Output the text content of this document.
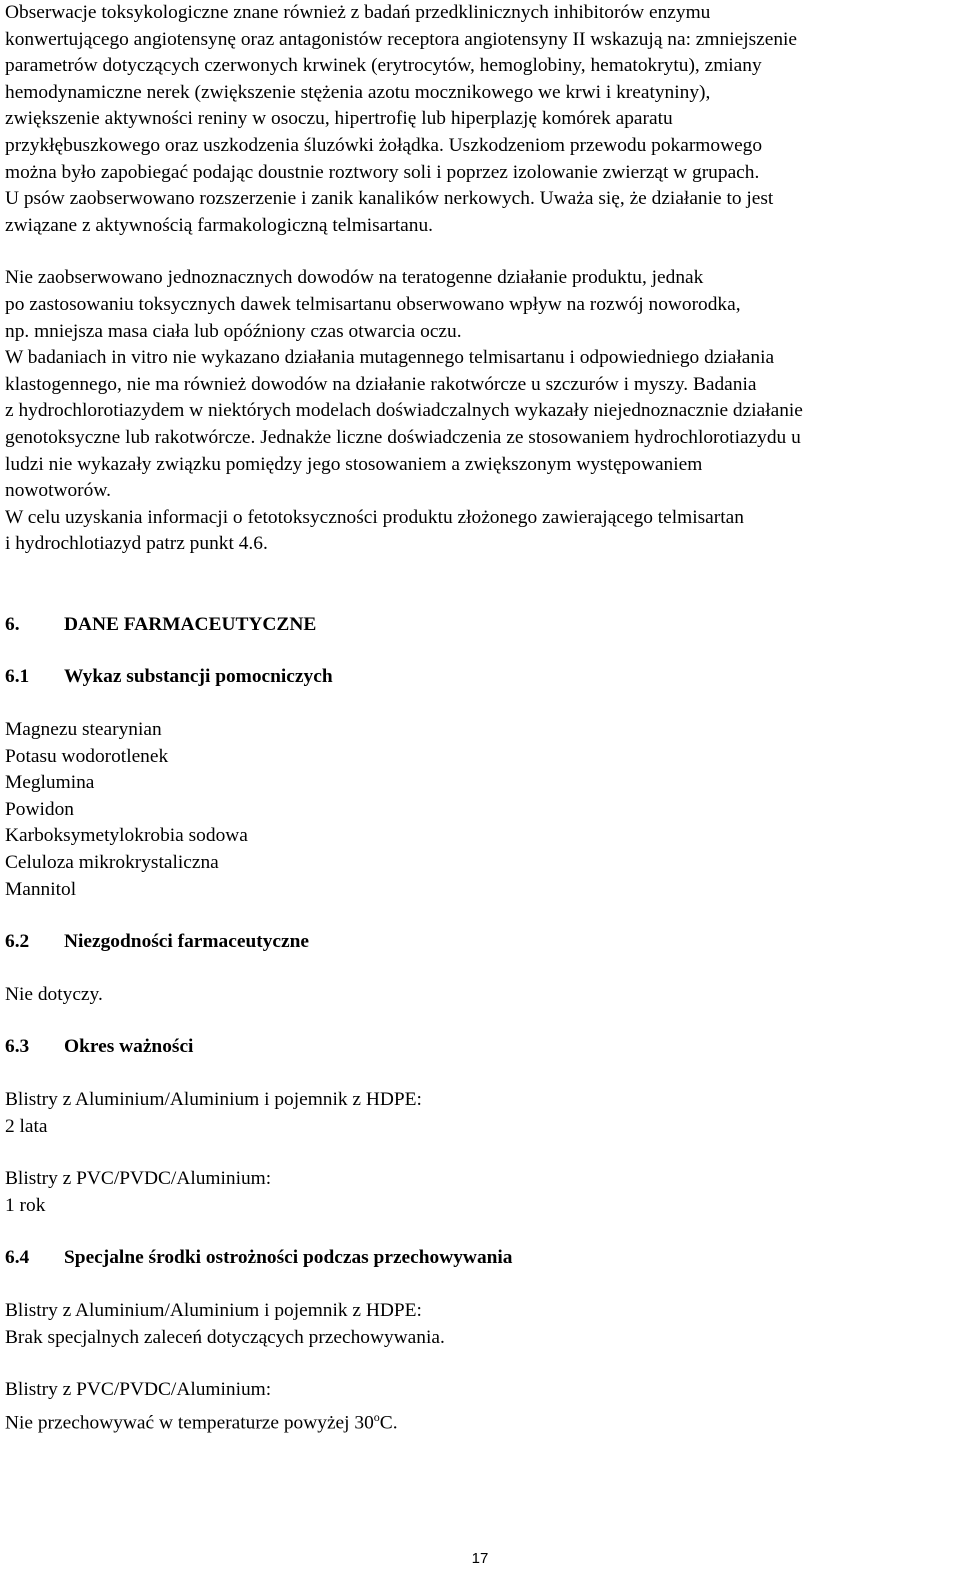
Obserwacje toksykologiczne znane również z badań przedklinicznych inhibitorów enzymu
konwertującego angiotensynę oraz antagonistów receptora angiotensyny II wskazują na: zmniejszenie
parametrów dotyczących czerwonych krwinek (erytrocytów, hemoglobiny, hematokrytu), zmiany
hemodynamiczne nerek (zwiększenie stężenia azotu mocznikowego we krwi i kreatyniny),
zwiększenie aktywności reniny w osoczu, hipertrofię lub hiperplazję komórek aparatu
przykłębuszkowego oraz uszkodzenia śluzówki żołądka. Uszkodzeniom przewodu pokarmowego
można było zapobiegać podając doustnie roztwory soli i poprzez izolowanie zwierząt w grupach.
U psów zaobserwowano rozszerzenie i zanik kanalików nerkowych. Uważa się, że działanie to jest
związane z aktywnością farmakologiczną telmisartanu.
Nie zaobserwowano jednoznacznych dowodów na teratogenne działanie produktu, jednak
po zastosowaniu toksycznych dawek telmisartanu obserwowano wpływ na rozwój noworodka,
np. mniejsza masa ciała lub opóźniony czas otwarcia oczu.
W badaniach in vitro nie wykazano działania mutagennego telmisartanu i odpowiedniego działania
klastogennego, nie ma również dowodów na działanie rakotwórcze u szczurów i myszy. Badania
z hydrochlorotiazydem w niektórych modelach doświadczalnych wykazały niejednoznacznie działanie
genotoksyczne lub rakotwórcze. Jednakże liczne doświadczenia ze stosowaniem hydrochlorotiazydu u
ludzi nie wykazały związku pomiędzy jego stosowaniem a zwiększonym występowaniem
nowotworów.
W celu uzyskania informacji o fetotoksyczności produktu złożonego zawierającego telmisartan
i hydrochlotiazyd patrz punkt 4.6.
6. DANE FARMACEUTYCZNE
6.1 Wykaz substancji pomocniczych
Magnezu stearynian
Potasu wodorotlenek
Meglumina
Powidon
Karboksymetylokrobia sodowa
Celuloza mikrokrystaliczna
Mannitol
6.2 Niezgodności farmaceutyczne
Nie dotyczy.
6.3 Okres ważności
Blistry z Aluminium/Aluminium i pojemnik z HDPE:
2 lata
Blistry z PVC/PVDC/Aluminium:
1 rok
6.4 Specjalne środki ostrożności podczas przechowywania
Blistry z Aluminium/Aluminium i pojemnik z HDPE:
Brak specjalnych zaleceń dotyczących przechowywania.
Blistry z PVC/PVDC/Aluminium:
Nie przechowywać w temperaturze powyżej 30$^o$C.
17
